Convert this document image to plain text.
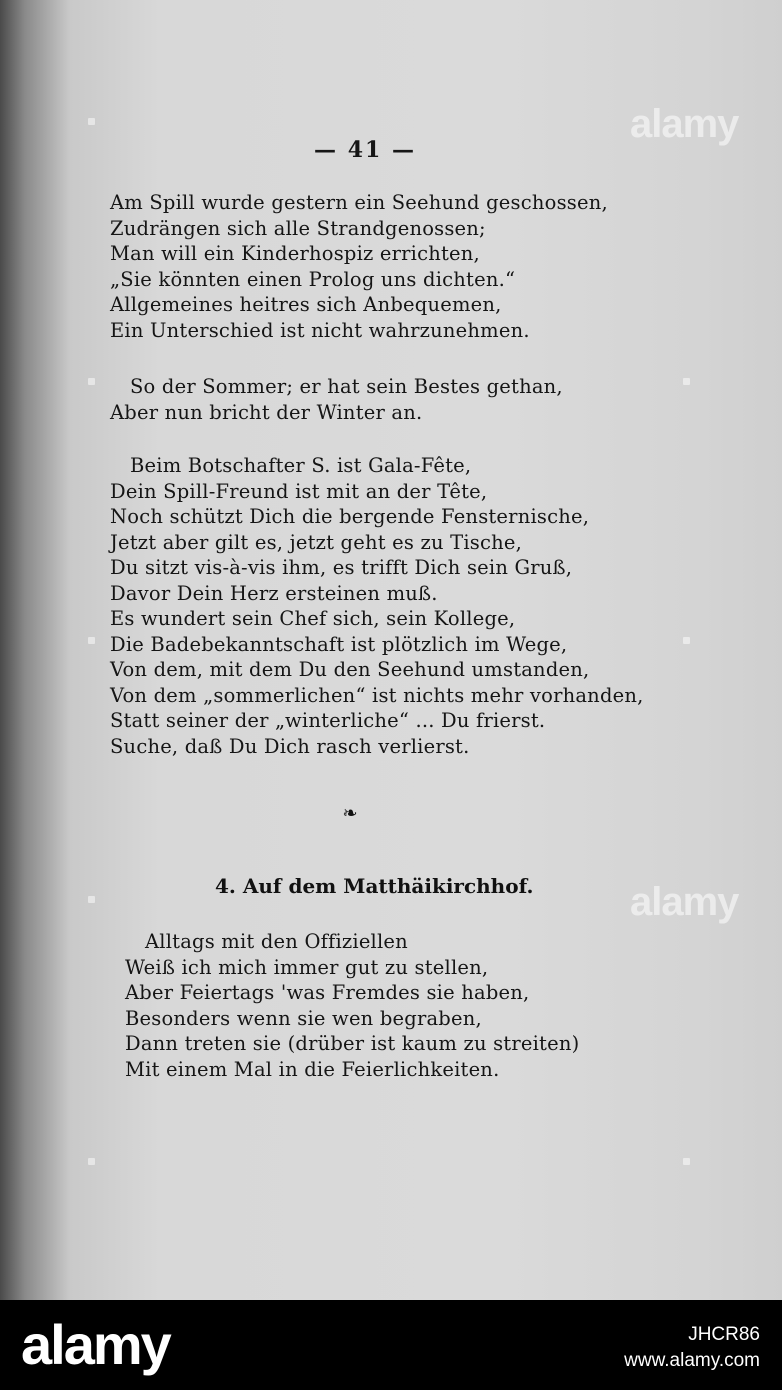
alamy
alamy
— 41 —
Am Spill wurde gestern ein Seehund geschossen,
Zudrängen sich alle Strandgenossen;
Man will ein Kinderhospiz errichten,
„Sie könnten einen Prolog uns dichten.“
Allgemeines heitres sich Anbequemen,
Ein Unterschied ist nicht wahrzunehmen.
So der Sommer; er hat sein Bestes gethan,
Aber nun bricht der Winter an.
Beim Botschafter S. ist Gala-Fête,
Dein Spill-Freund ist mit an der Tête,
Noch schützt Dich die bergende Fensternische,
Jetzt aber gilt es, jetzt geht es zu Tische,
Du sitzt vis-à-vis ihm, es trifft Dich sein Gruß,
Davor Dein Herz ersteinen muß.
Es wundert sein Chef sich, sein Kollege,
Die Badebekanntschaft ist plötzlich im Wege,
Von dem, mit dem Du den Seehund umstanden,
Von dem „sommerlichen“ ist nichts mehr vorhanden,
Statt seiner der „winterliche“ ... Du frierst.
Suche, daß Du Dich rasch verlierst.
❧
4. Auf dem Matthäikirchhof.
Alltags mit den Offiziellen
Weiß ich mich immer gut zu stellen,
Aber Feiertags 'was Fremdes sie haben,
Besonders wenn sie wen begraben,
Dann treten sie (drüber ist kaum zu streiten)
Mit einem Mal in die Feierlichkeiten.
alamy	JHCR86
www.alamy.com
